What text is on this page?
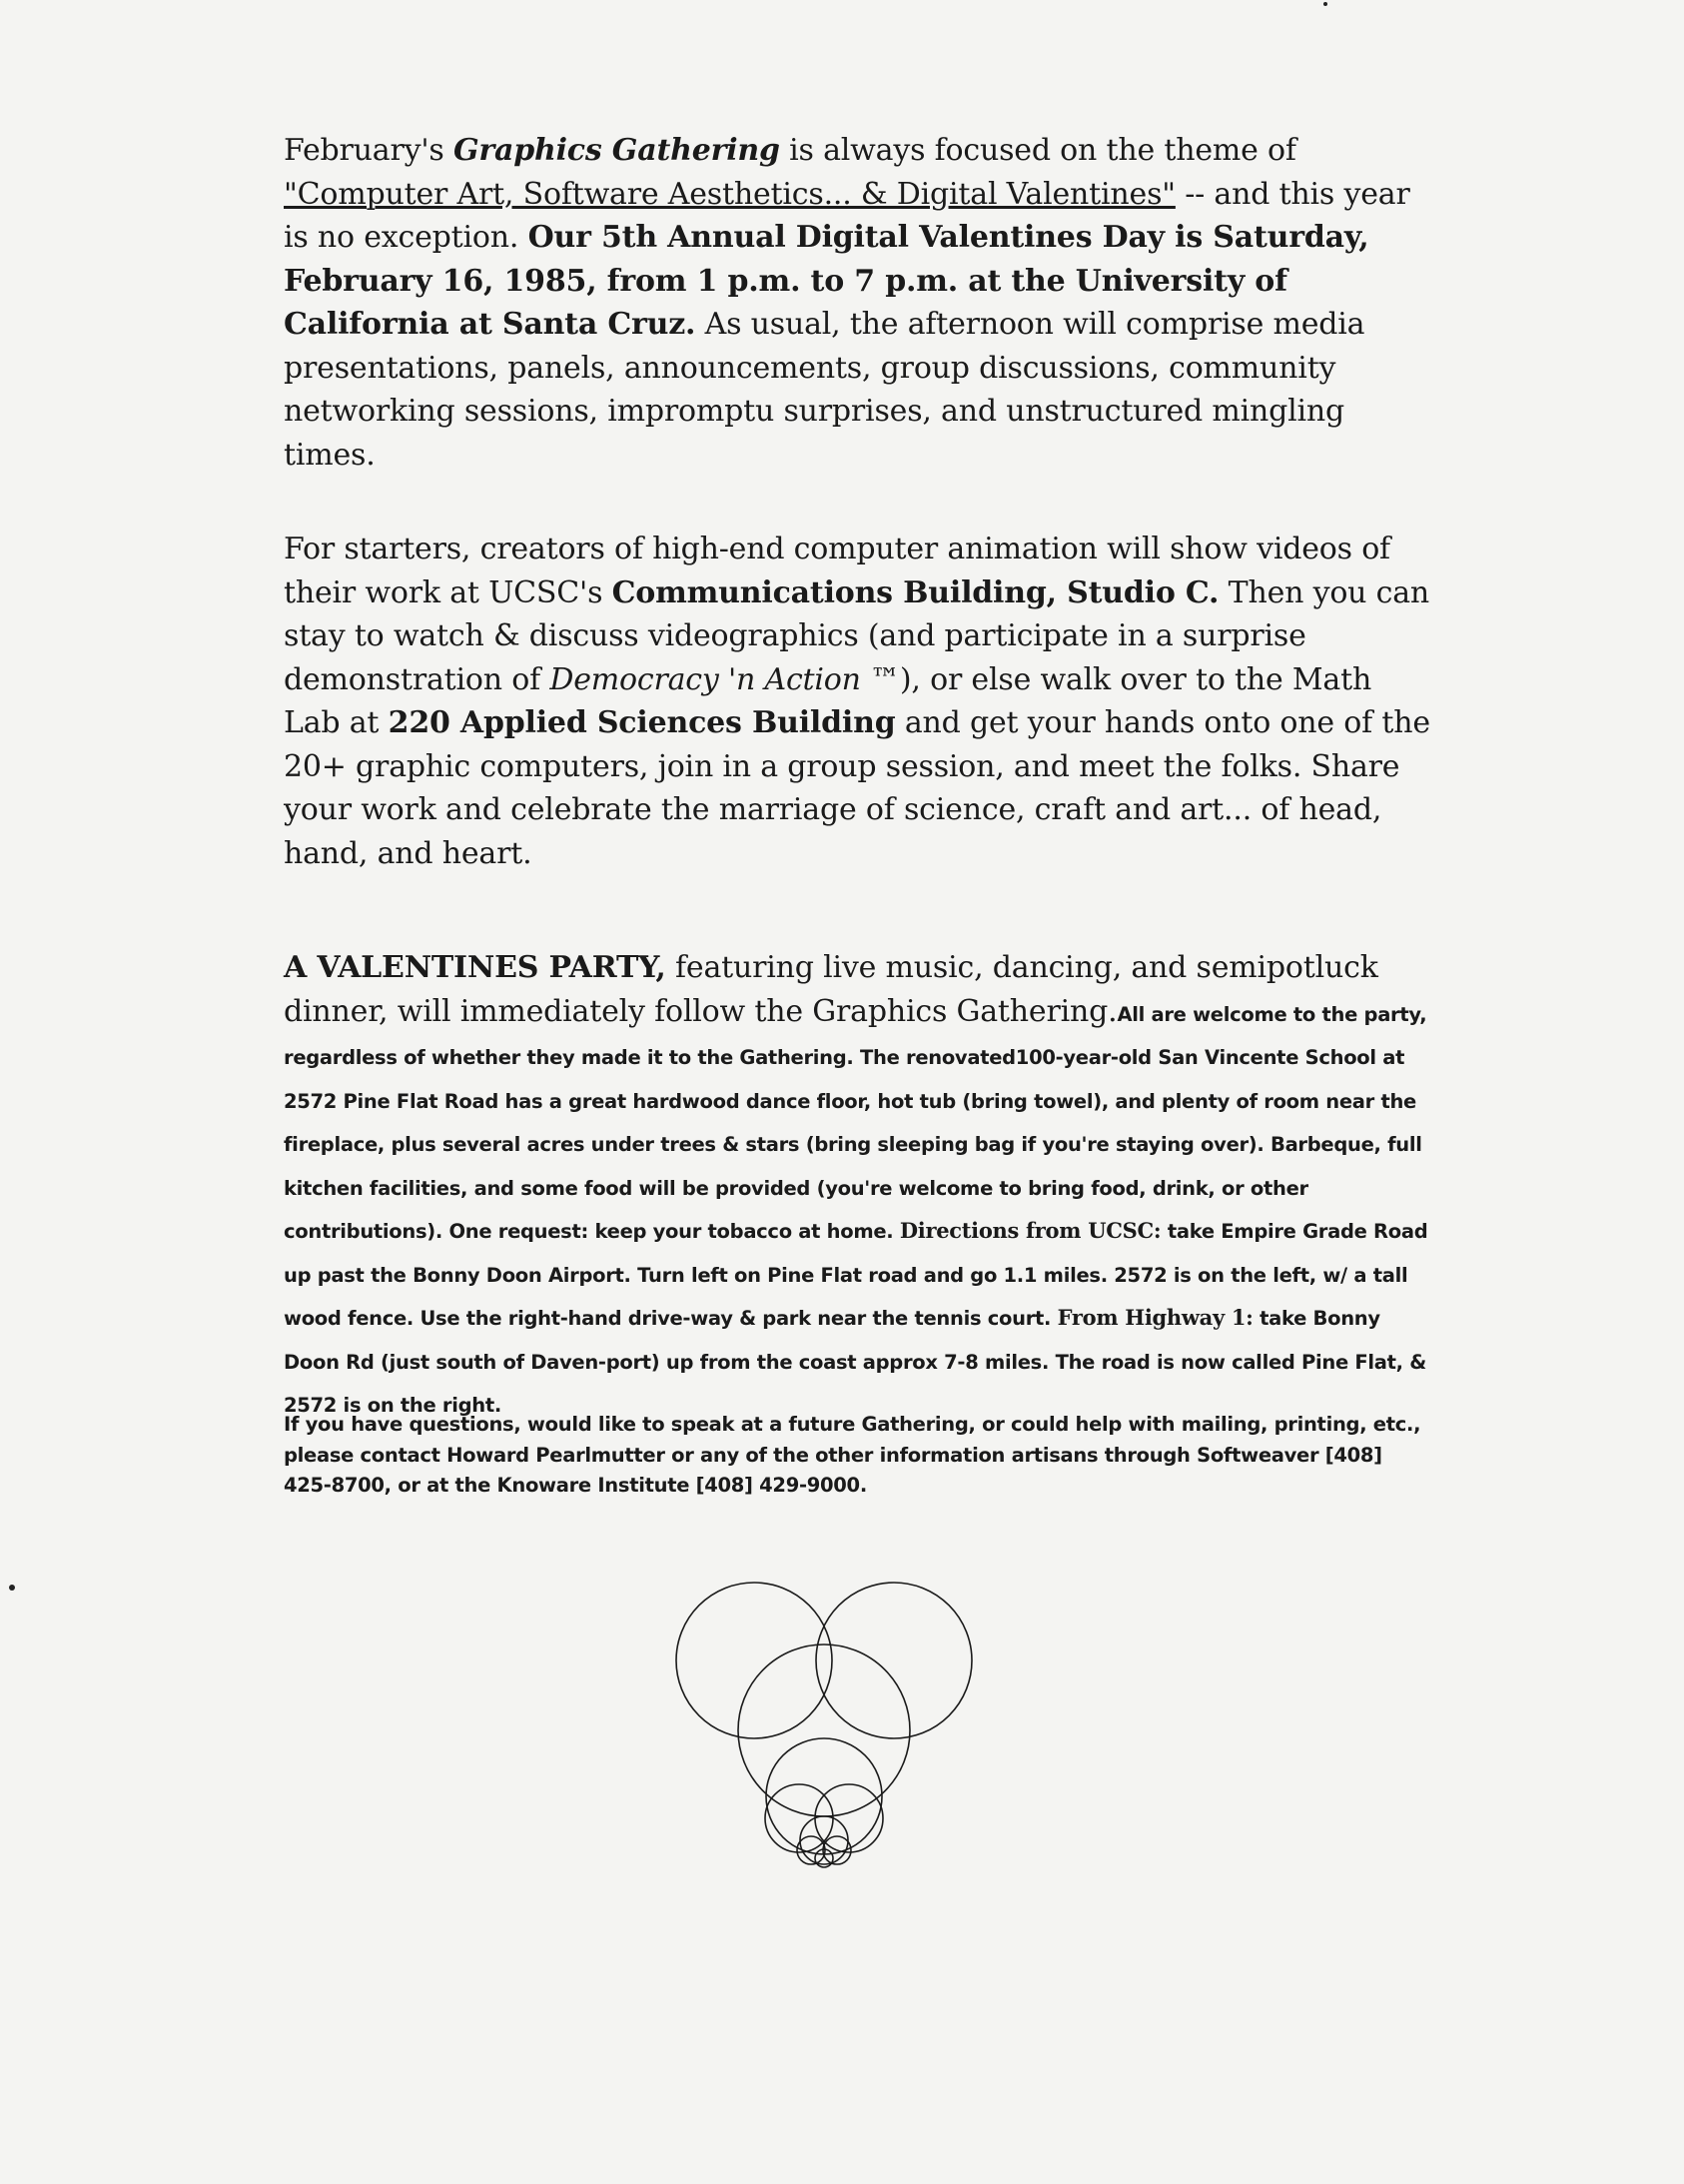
February's Graphics Gathering is always focused on the theme of "Computer Art, Software Aesthetics... & Digital Valentines" -- and this year is no exception. Our 5th Annual Digital Valentines Day is Saturday, February 16, 1985, from 1 p.m. to 7 p.m. at the University of California at Santa Cruz. As usual, the afternoon will comprise media presentations, panels, announcements, group discussions, community networking sessions, impromptu surprises, and unstructured mingling times.
For starters, creators of high-end computer animation will show videos of their work at UCSC's Communications Building, Studio C. Then you can stay to watch & discuss videographics (and participate in a surprise demonstration of Democracy 'n Action ™), or else walk over to the Math Lab at 220 Applied Sciences Building and get your hands onto one of the 20+ graphic computers, join in a group session, and meet the folks. Share your work and celebrate the marriage of science, craft and art... of head, hand, and heart.
A VALENTINES PARTY, featuring live music, dancing, and semipotluck dinner, will immediately follow the Graphics Gathering.All are welcome to the party, regardless of whether they made it to the Gathering. The renovated100-year-old San Vincente School at 2572 Pine Flat Road has a great hardwood dance floor, hot tub (bring towel), and plenty of room near the fireplace, plus several acres under trees & stars (bring sleeping bag if you're staying over). Barbeque, full kitchen facilities, and some food will be provided (you're welcome to bring food, drink, or other contributions). One request: keep your tobacco at home. Directions from UCSC: take Empire Grade Road up past the Bonny Doon Airport. Turn left on Pine Flat road and go 1.1 miles. 2572 is on the left, w/ a tall wood fence. Use the right-hand drive-way & park near the tennis court. From Highway 1: take Bonny Doon Rd (just south of Daven-port) up from the coast approx 7-8 miles. The road is now called Pine Flat, & 2572 is on the right.
If you have questions, would like to speak at a future Gathering, or could help with mailing, printing, etc., please contact Howard Pearlmutter or any of the other information artisans through Softweaver [408] 425-8700, or at the Knoware Institute [408] 429-9000.
